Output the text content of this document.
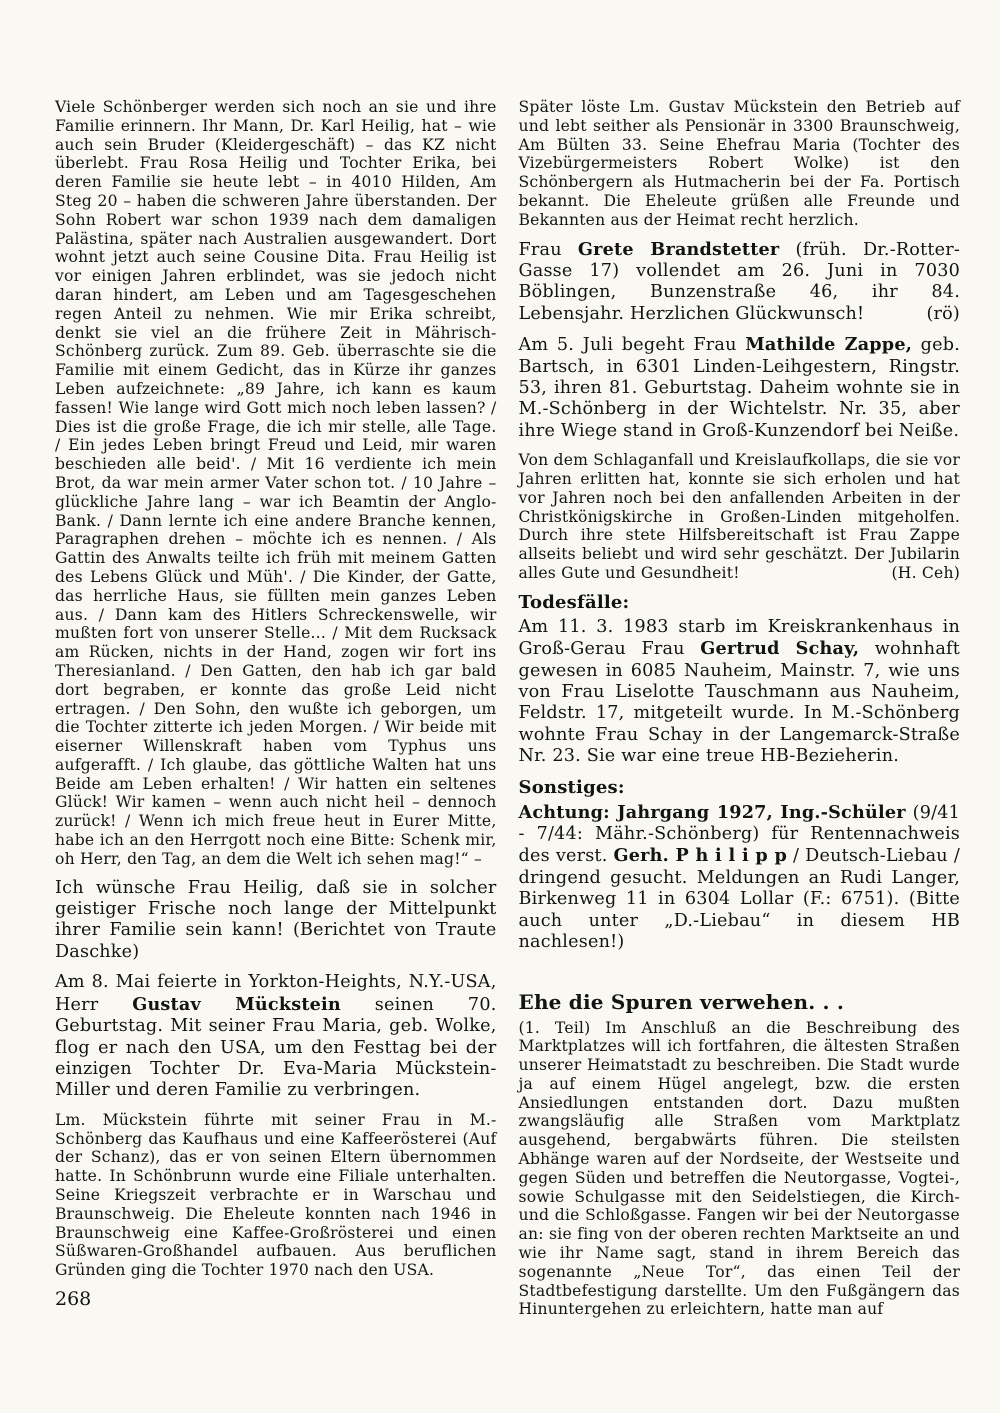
Viele Schönberger werden sich noch an sie und ihre Familie erinnern. Ihr Mann, Dr. Karl Heilig, hat – wie auch sein Bruder (Kleidergeschäft) – das KZ nicht überlebt. Frau Rosa Heilig und Tochter Erika, bei deren Familie sie heute lebt – in 4010 Hilden, Am Steg 20 – haben die schweren Jahre überstanden. Der Sohn Robert war schon 1939 nach dem damaligen Palästina, später nach Australien ausgewandert. Dort wohnt jetzt auch seine Cousine Dita. Frau Heilig ist vor einigen Jahren erblindet, was sie jedoch nicht daran hindert, am Leben und am Tagesgeschehen regen Anteil zu nehmen. Wie mir Erika schreibt, denkt sie viel an die frühere Zeit in Mährisch-Schönberg zurück. Zum 89. Geb. überraschte sie die Familie mit einem Gedicht, das in Kürze ihr ganzes Leben aufzeichnete: „89 Jahre, ich kann es kaum fassen! Wie lange wird Gott mich noch leben lassen? / Dies ist die große Frage, die ich mir stelle, alle Tage. / Ein jedes Leben bringt Freud und Leid, mir waren beschieden alle beid'. / Mit 16 verdiente ich mein Brot, da war mein armer Vater schon tot. / 10 Jahre – glückliche Jahre lang – war ich Beamtin der Anglo-Bank. / Dann lernte ich eine andere Branche kennen, Paragraphen drehen – möchte ich es nennen. / Als Gattin des Anwalts teilte ich früh mit meinem Gatten des Lebens Glück und Müh'. / Die Kinder, der Gatte, das herrliche Haus, sie füllten mein ganzes Leben aus. / Dann kam des Hitlers Schreckenswelle, wir mußten fort von unserer Stelle... / Mit dem Rucksack am Rücken, nichts in der Hand, zogen wir fort ins Theresianland. / Den Gatten, den hab ich gar bald dort begraben, er konnte das große Leid nicht ertragen. / Den Sohn, den wußte ich geborgen, um die Tochter zitterte ich jeden Morgen. / Wir beide mit eiserner Willenskraft haben vom Typhus uns aufgerafft. / Ich glaube, das göttliche Walten hat uns Beide am Leben erhalten! / Wir hatten ein seltenes Glück! Wir kamen – wenn auch nicht heil – dennoch zurück! / Wenn ich mich freue heut in Eurer Mitte, habe ich an den Herrgott noch eine Bitte: Schenk mir, oh Herr, den Tag, an dem die Welt ich sehen mag!“ –

Ich wünsche Frau Heilig, daß sie in solcher geistiger Frische noch lange der Mittelpunkt ihrer Familie sein kann! (Berichtet von Traute Daschke)

Am 8. Mai feierte in Yorkton-Heights, N.Y.-USA, Herr Gustav Mückstein seinen 70. Geburtstag. Mit seiner Frau Maria, geb. Wolke, flog er nach den USA, um den Festtag bei der einzigen Tochter Dr. Eva-Maria Mückstein-Miller und deren Familie zu verbringen.

Lm. Mückstein führte mit seiner Frau in M.-Schönberg das Kaufhaus und eine Kaffeerösterei (Auf der Schanz), das er von seinen Eltern übernommen hatte. In Schönbrunn wurde eine Filiale unterhalten. Seine Kriegszeit verbrachte er in Warschau und Braunschweig. Die Eheleute konnten nach 1946 in Braunschweig eine Kaffee-Großrösterei und einen Süßwaren-Großhandel aufbauen. Aus beruflichen Gründen ging die Tochter 1970 nach den USA.

Später löste Lm. Gustav Mückstein den Betrieb auf und lebt seither als Pensionär in 3300 Braunschweig, Am Bülten 33. Seine Ehefrau Maria (Tochter des Vizebürgermeisters Robert Wolke) ist den Schönbergern als Hutmacherin bei der Fa. Portisch bekannt. Die Eheleute grüßen alle Freunde und Bekannten aus der Heimat recht herzlich.

Frau Grete Brandstetter (früh. Dr.-Rotter-Gasse 17) vollendet am 26. Juni in 7030 Böblingen, Bunzenstraße 46, ihr 84. Lebensjahr. Herzlichen Glückwunsch!	(rö)

Am 5. Juli begeht Frau Mathilde Zappe, geb. Bartsch, in 6301 Linden-Leihgestern, Ringstr. 53, ihren 81. Geburtstag. Daheim wohnte sie in M.-Schönberg in der Wichtelstr. Nr. 35, aber ihre Wiege stand in Groß-Kunzendorf bei Neiße.

Von dem Schlaganfall und Kreislaufkollaps, die sie vor Jahren erlitten hat, konnte sie sich erholen und hat vor Jahren noch bei den anfallenden Arbeiten in der Christkönigskirche in Großen-Linden mitgeholfen. Durch ihre stete Hilfsbereitschaft ist Frau Zappe allseits beliebt und wird sehr geschätzt. Der Jubilarin alles Gute und Gesundheit!	(H. Ceh)

Todesfälle:

Am 11. 3. 1983 starb im Kreiskrankenhaus in Groß-Gerau Frau Gertrud Schay, wohnhaft gewesen in 6085 Nauheim, Mainstr. 7, wie uns von Frau Liselotte Tauschmann aus Nauheim, Feldstr. 17, mitgeteilt wurde. In M.-Schönberg wohnte Frau Schay in der Langemarck-Straße Nr. 23. Sie war eine treue HB-Bezieherin.

Sonstiges:

Achtung: Jahrgang 1927, Ing.-Schüler (9/41 - 7/44: Mähr.-Schönberg) für Rentennachweis des verst. Gerh. P h i l i p p / Deutsch-Liebau / dringend gesucht. Meldungen an Rudi Langer, Birkenweg 11 in 6304 Lollar (F.: 6751). (Bitte auch unter „D.-Liebau“ in diesem HB nachlesen!)

Ehe die Spuren verwehen. . .

(1. Teil) Im Anschluß an die Beschreibung des Marktplatzes will ich fortfahren, die ältesten Straßen unserer Heimatstadt zu beschreiben. Die Stadt wurde ja auf einem Hügel angelegt, bzw. die ersten Ansiedlungen entstanden dort. Dazu mußten zwangsläufig alle Straßen vom Marktplatz ausgehend, bergabwärts führen. Die steilsten Abhänge waren auf der Nordseite, der Westseite und gegen Süden und betreffen die Neutorgasse, Vogtei-, sowie Schulgasse mit den Seidelstiegen, die Kirch- und die Schloßgasse. Fangen wir bei der Neutorgasse an: sie fing von der oberen rechten Marktseite an und wie ihr Name sagt, stand in ihrem Bereich das sogenannte „Neue Tor“, das einen Teil der Stadtbefestigung darstellte. Um den Fußgängern das Hinuntergehen zu erleichtern, hatte man auf

268
